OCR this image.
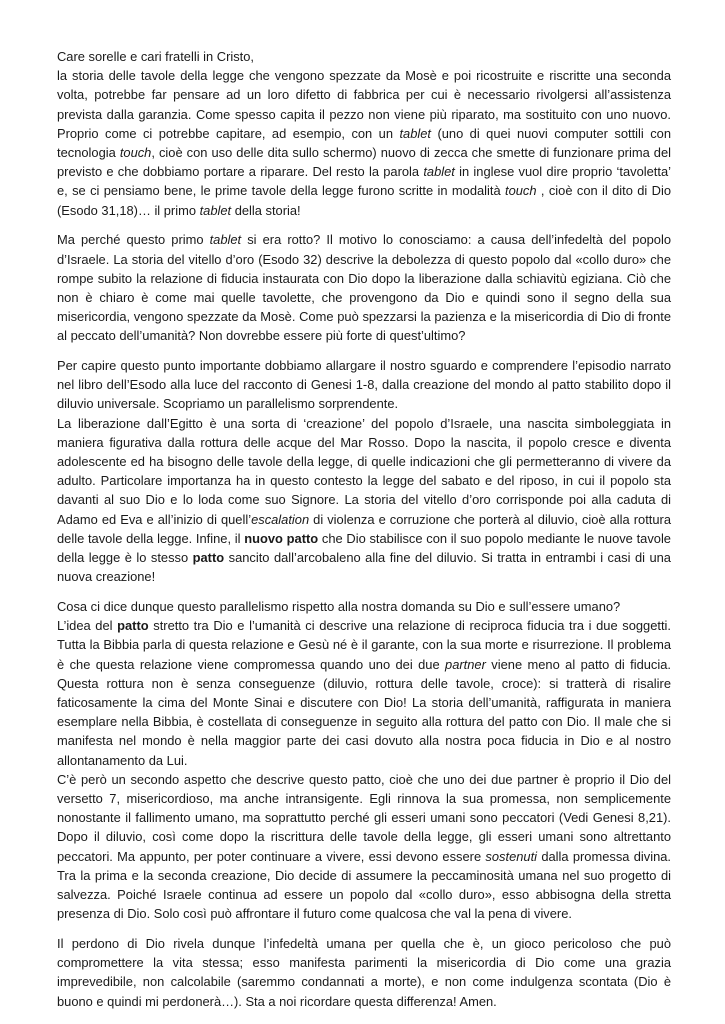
Care sorelle e cari fratelli in Cristo,
la storia delle tavole della legge che vengono spezzate da Mosè e poi ricostruite e riscritte una seconda volta, potrebbe far pensare ad un loro difetto di fabbrica per cui è necessario rivolgersi all’assistenza prevista dalla garanzia. Come spesso capita il pezzo non viene più riparato, ma sostituito con uno nuovo. Proprio come ci potrebbe capitare, ad esempio, con un tablet (uno di quei nuovi computer sottili con tecnologia touch, cioè con uso delle dita sullo schermo) nuovo di zecca che smette di funzionare prima del previsto e che dobbiamo portare a riparare. Del resto la parola tablet in inglese vuol dire proprio ‘tavoletta’ e, se ci pensiamo bene, le prime tavole della legge furono scritte in modalità touch , cioè con il dito di Dio (Esodo 31,18)… il primo tablet della storia!
Ma perché questo primo tablet si era rotto? Il motivo lo conosciamo: a causa dell’infedeltà del popolo d’Israele. La storia del vitello d’oro (Esodo 32) descrive la debolezza di questo popolo dal «collo duro» che rompe subito la relazione di fiducia instaurata con Dio dopo la liberazione dalla schiavitù egiziana. Ciò che non è chiaro è come mai quelle tavolette, che provengono da Dio e quindi sono il segno della sua misericordia, vengono spezzate da Mosè. Come può spezzarsi la pazienza e la misericordia di Dio di fronte al peccato dell’umanità? Non dovrebbe essere più forte di quest’ultimo?
Per capire questo punto importante dobbiamo allargare il nostro sguardo e comprendere l’episodio narrato nel libro dell’Esodo alla luce del racconto di Genesi 1-8, dalla creazione del mondo al patto stabilito dopo il diluvio universale. Scopriamo un parallelismo sorprendente.
La liberazione dall’Egitto è una sorta di ‘creazione’ del popolo d’Israele, una nascita simboleggiata in maniera figurativa dalla rottura delle acque del Mar Rosso. Dopo la nascita, il popolo cresce e diventa adolescente ed ha bisogno delle tavole della legge, di quelle indicazioni che gli permetteranno di vivere da adulto. Particolare importanza ha in questo contesto la legge del sabato e del riposo, in cui il popolo sta davanti al suo Dio e lo loda come suo Signore. La storia del vitello d’oro corrisponde poi alla caduta di Adamo ed Eva e all’inizio di quell’escalation di violenza e corruzione che porterà al diluvio, cioè alla rottura delle tavole della legge. Infine, il nuovo patto che Dio stabilisce con il suo popolo mediante le nuove tavole della legge è lo stesso patto sancito dall’arcobaleno alla fine del diluvio. Si tratta in entrambi i casi di una nuova creazione!
Cosa ci dice dunque questo parallelismo rispetto alla nostra domanda su Dio e sull’essere umano?
L’idea del patto stretto tra Dio e l’umanità ci descrive una relazione di reciproca fiducia tra i due soggetti. Tutta la Bibbia parla di questa relazione e Gesù né è il garante, con la sua morte e risurrezione. Il problema è che questa relazione viene compromessa quando uno dei due partner viene meno al patto di fiducia. Questa rottura non è senza conseguenze (diluvio, rottura delle tavole, croce): si tratterà di risalire faticosamente la cima del Monte Sinai e discutere con Dio! La storia dell’umanità, raffigurata in maniera esemplare nella Bibbia, è costellata di conseguenze in seguito alla rottura del patto con Dio. Il male che si manifesta nel mondo è nella maggior parte dei casi dovuto alla nostra poca fiducia in Dio e al nostro allontanamento da Lui.
C’è però un secondo aspetto che descrive questo patto, cioè che uno dei due partner è proprio il Dio del versetto 7, misericordioso, ma anche intransigente. Egli rinnova la sua promessa, non semplicemente nonostante il fallimento umano, ma soprattutto perché gli esseri umani sono peccatori (Vedi Genesi 8,21). Dopo il diluvio, così come dopo la riscrittura delle tavole della legge, gli esseri umani sono altrettanto peccatori. Ma appunto, per poter continuare a vivere, essi devono essere sostenuti dalla promessa divina. Tra la prima e la seconda creazione, Dio decide di assumere la peccaminosità umana nel suo progetto di salvezza. Poiché Israele continua ad essere un popolo dal «collo duro», esso abbisogna della stretta presenza di Dio. Solo così può affrontare il futuro come qualcosa che val la pena di vivere.
Il perdono di Dio rivela dunque l’infedeltà umana per quella che è, un gioco pericoloso che può compromettere la vita stessa; esso manifesta parimenti la misericordia di Dio come una grazia imprevedibile, non calcolabile (saremmo condannati a morte), e non come indulgenza scontata (Dio è buono e quindi mi perdonerà…). Sta a noi ricordare questa differenza! Amen.
